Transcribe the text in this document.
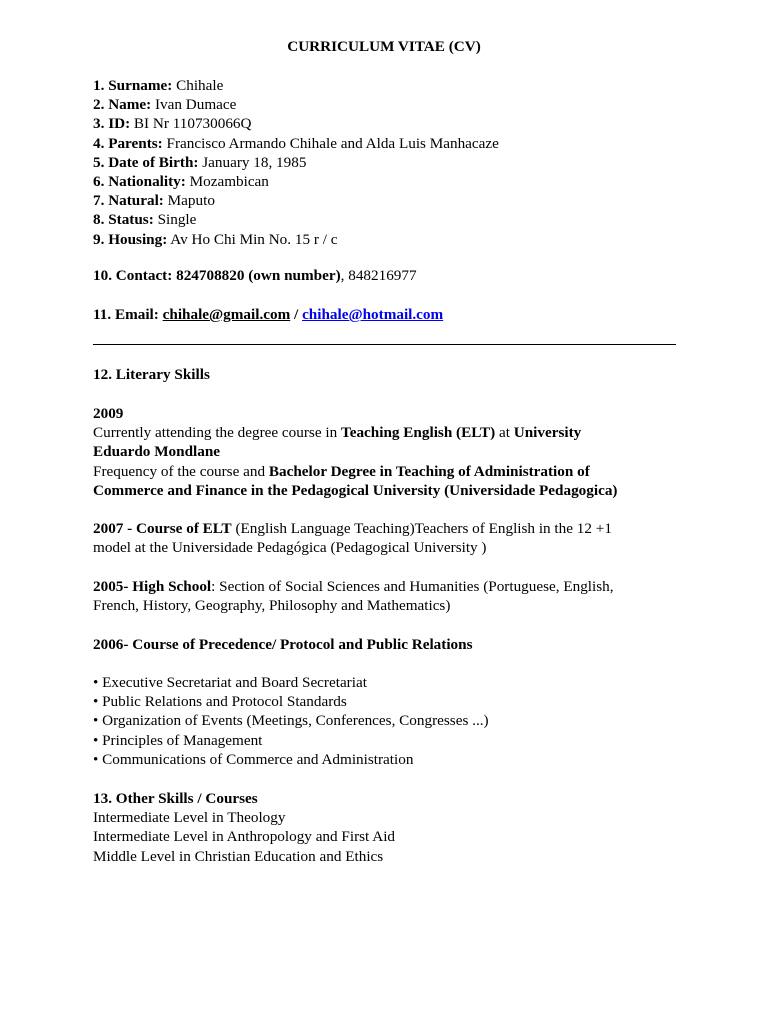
CURRICULUM VITAE (CV)

1. Surname: Chihale

2. Name: Ivan Dumace

3. ID: BI Nr 110730066Q

4. Parents: Francisco Armando Chihale and Alda Luis Manhacaze

5. Date of Birth: January 18, 1985

6. Nationality: Mozambican

7. Natural: Maputo

8. Status: Single

9. Housing: Av Ho Chi Min No. 15 r / c

10. Contact: 824708820 (own number), 848216977

11. Email: chihale@gmail.com / chihale@hotmail.com

12. Literary Skills

2009

Currently attending the degree course in Teaching English (ELT) at University

Eduardo Mondlane

Frequency of the course and Bachelor Degree in Teaching of Administration of

Commerce and Finance in the Pedagogical University (Universidade Pedagogica)

2007 - Course of ELT (English Language Teaching)Teachers of English in the 12 +1

model at the Universidade Pedagógica (Pedagogical University )

2005- High School: Section of Social Sciences and Humanities (Portuguese, English,

French, History, Geography, Philosophy and Mathematics)

2006- Course of Precedence/ Protocol and Public Relations

• Executive Secretariat and Board Secretariat

• Public Relations and Protocol Standards

• Organization of Events (Meetings, Conferences, Congresses ...)

• Principles of Management

• Communications of Commerce and Administration

13. Other Skills / Courses

Intermediate Level in Theology

Intermediate Level in Anthropology and First Aid

Middle Level in Christian Education and Ethics
